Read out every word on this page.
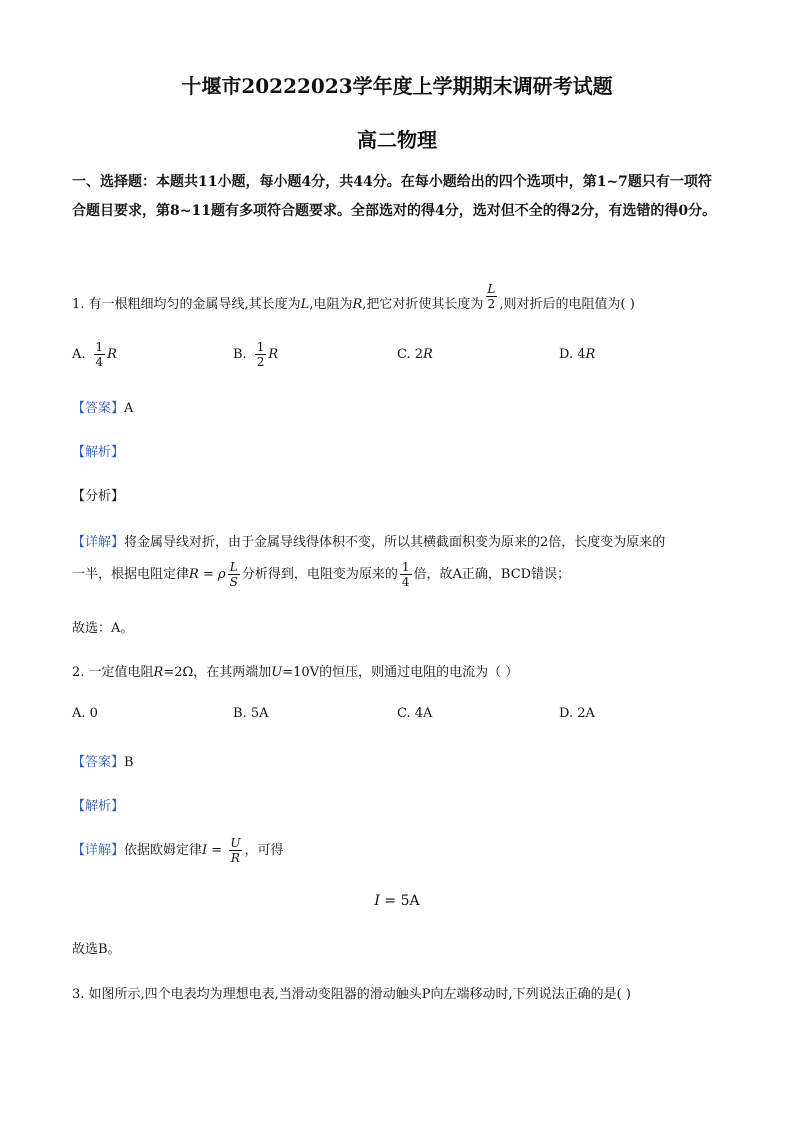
十堰市20222023学年度上学期期末调研考试题
高二物理
一、选择题：本题共11小题，每小题4分，共44分。在每小题给出的四个选项中，第1~7题只有一项符合题目要求，第8~11题有多项符合题要求。全部选对的得4分，选对但不全的得2分，有选错的得0分。
1. 有一根粗细均匀的金属导线,其长度为L,电阻为R,把它对折使其长度为 $\frac{L}{2}$ ,则对折后的电阻值为( )
A. $\frac{1}{4}$ R	B. $\frac{1}{2}$ R	C. 2R	D. 4R
【答案】A
【解析】
【分析】
【详解】将金属导线对折，由于金属导线得体积不变，所以其横截面积变为原来的2倍，长度变为原来的
一半，根据电阻定律R = ρ $\frac{L}{S}$ 分析得到，电阻变为原来的 $\frac{1}{4}$ 倍，故A正确，BCD错误；
故选：A。
2. 一定值电阻R=2Ω，在其两端加U=10V的恒压，则通过电阻的电流为（ ）
A. 0	B. 5A	C. 4A	D. 2A
【答案】B
【解析】
【详解】依据欧姆定律$I = \frac{U}{R}$ ，可得
I = 5A
故选B。
3. 如图所示,四个电表均为理想电表,当滑动变阻器的滑动触头P向左端移动时,下列说法正确的是( )
